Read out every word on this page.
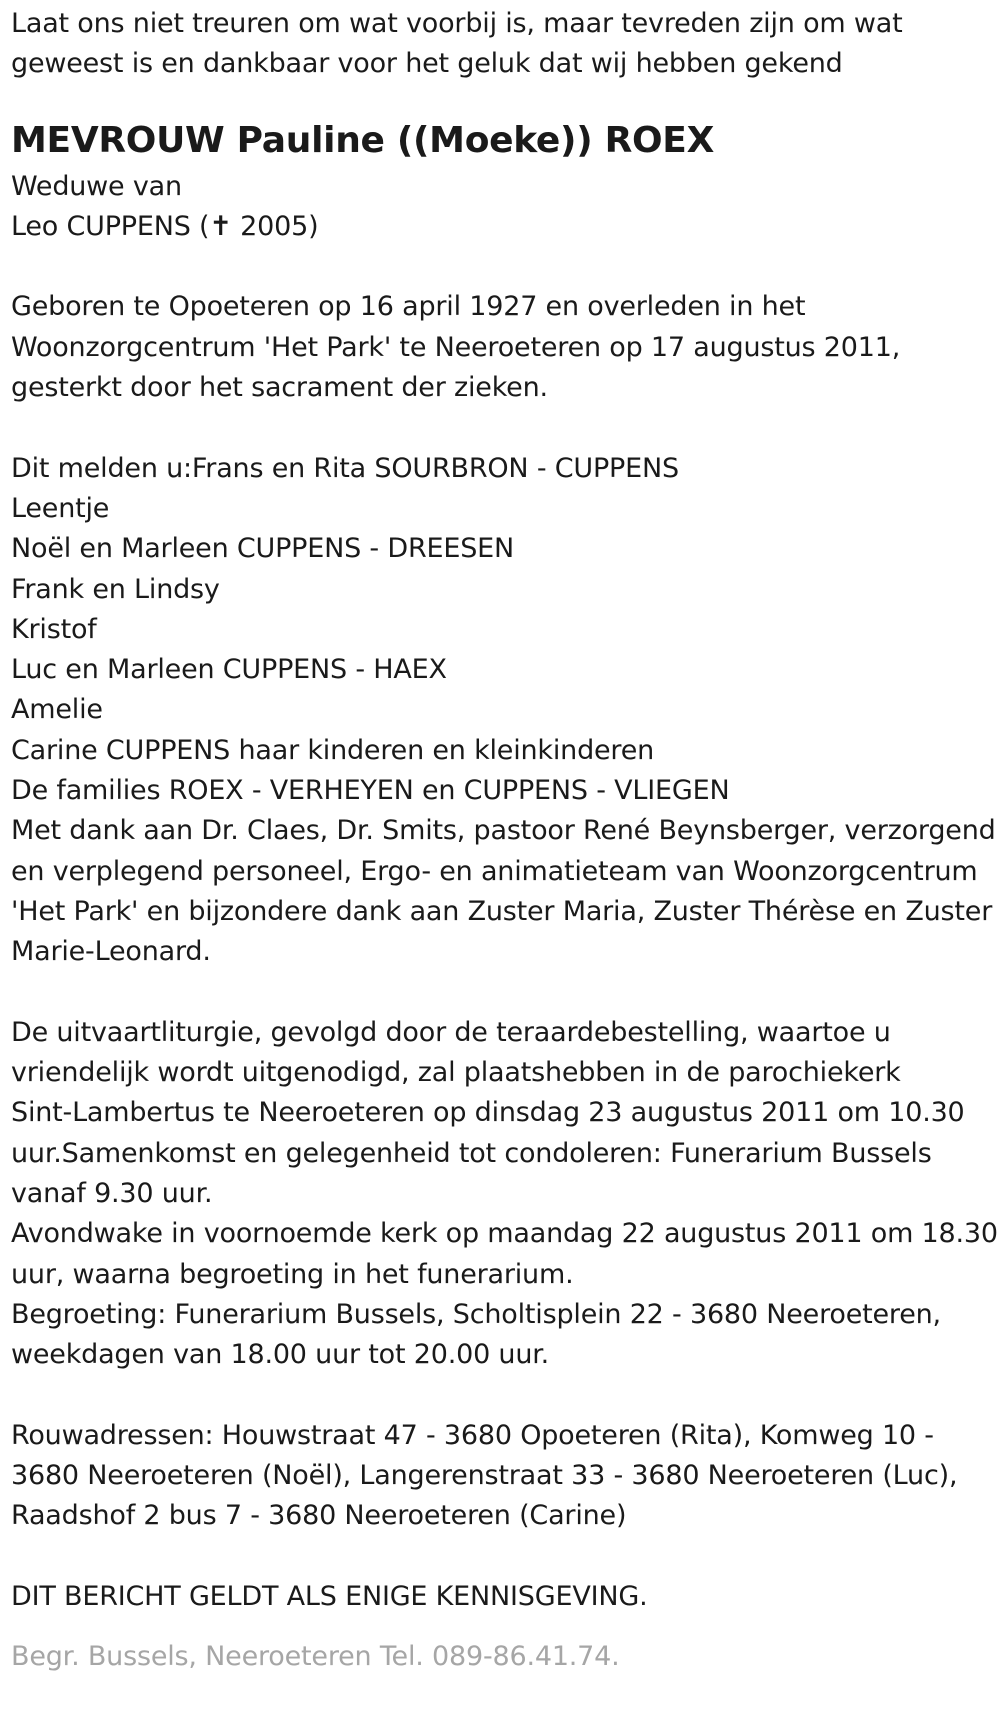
Laat ons niet treuren om wat voorbij is, maar tevreden zijn om wat
geweest is en dankbaar voor het geluk dat wij hebben gekend
MEVROUW Pauline ((Moeke)) ROEX
Weduwe van
Leo CUPPENS (✝ 2005)
Geboren te Opoeteren op 16 april 1927 en overleden in het
Woonzorgcentrum 'Het Park' te Neeroeteren op 17 augustus 2011,
gesterkt door het sacrament der zieken.
Dit melden u:Frans en Rita SOURBRON - CUPPENS
Leentje
Noël en Marleen CUPPENS - DREESEN
Frank en Lindsy
Kristof
Luc en Marleen CUPPENS - HAEX
Amelie
Carine CUPPENS haar kinderen en kleinkinderen
De families ROEX - VERHEYEN en CUPPENS - VLIEGEN
Met dank aan Dr. Claes, Dr. Smits, pastoor René Beynsberger, verzorgend
en verplegend personeel, Ergo- en animatieteam van Woonzorgcentrum
'Het Park' en bijzondere dank aan Zuster Maria, Zuster Thérèse en Zuster
Marie-Leonard.
De uitvaartliturgie, gevolgd door de teraardebestelling, waartoe u
vriendelijk wordt uitgenodigd, zal plaatshebben in de parochiekerk
Sint-Lambertus te Neeroeteren op dinsdag 23 augustus 2011 om 10.30
uur.Samenkomst en gelegenheid tot condoleren: Funerarium Bussels
vanaf 9.30 uur.
Avondwake in voornoemde kerk op maandag 22 augustus 2011 om 18.30
uur, waarna begroeting in het funerarium.
Begroeting: Funerarium Bussels, Scholtisplein 22 - 3680 Neeroeteren,
weekdagen van 18.00 uur tot 20.00 uur.
Rouwadressen: Houwstraat 47 - 3680 Opoeteren (Rita), Komweg 10 -
3680 Neeroeteren (Noël), Langerenstraat 33 - 3680 Neeroeteren (Luc),
Raadshof 2 bus 7 - 3680 Neeroeteren (Carine)
DIT BERICHT GELDT ALS ENIGE KENNISGEVING.
Begr. Bussels, Neeroeteren Tel. 089-86.41.74.
